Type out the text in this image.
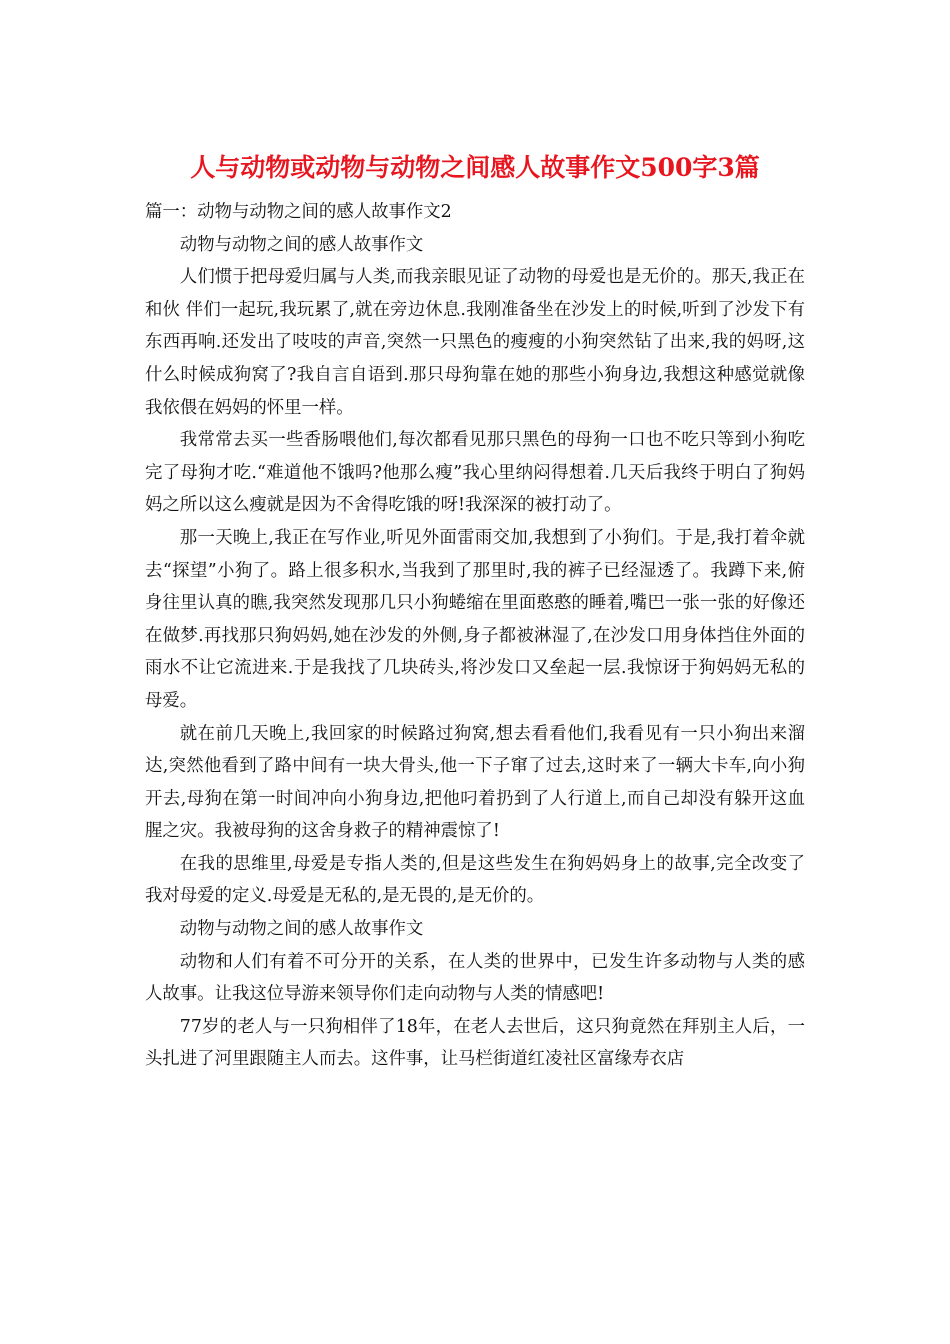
人与动物或动物与动物之间感人故事作文500字3篇

篇一：动物与动物之间的感人故事作文2

动物与动物之间的感人故事作文

人们惯于把母爱归属与人类,而我亲眼见证了动物的母爱也是无价的。那天,我正在和伙 伴们一起玩,我玩累了,就在旁边休息.我刚准备坐在沙发上的时候,听到了沙发下有东西再响.还发出了吱吱的声音,突然一只黑色的瘦瘦的小狗突然钻了出来,我的妈呀,这什么时候成狗窝了?我自言自语到.那只母狗靠在她的那些小狗身边,我想这种感觉就像我依偎在妈妈的怀里一样。

我常常去买一些香肠喂他们,每次都看见那只黑色的母狗一口也不吃只等到小狗吃完了母狗才吃.“难道他不饿吗?他那么瘦”我心里纳闷得想着.几天后我终于明白了狗妈妈之所以这么瘦就是因为不舍得吃饿的呀!我深深的被打动了。

那一天晚上,我正在写作业,听见外面雷雨交加,我想到了小狗们。于是,我打着伞就去“探望”小狗了。路上很多积水,当我到了那里时,我的裤子已经湿透了。我蹲下来,俯身往里认真的瞧,我突然发现那几只小狗蜷缩在里面憨憨的睡着,嘴巴一张一张的好像还在做梦.再找那只狗妈妈,她在沙发的外侧,身子都被淋湿了,在沙发口用身体挡住外面的雨水不让它流进来.于是我找了几块砖头,将沙发口又垒起一层.我惊讶于狗妈妈无私的母爱。

就在前几天晚上,我回家的时候路过狗窝,想去看看他们,我看见有一只小狗出来溜达,突然他看到了路中间有一块大骨头,他一下子窜了过去,这时来了一辆大卡车,向小狗开去,母狗在第一时间冲向小狗身边,把他叼着扔到了人行道上,而自己却没有躲开这血腥之灾。我被母狗的这舍身救子的精神震惊了!

在我的思维里,母爱是专指人类的,但是这些发生在狗妈妈身上的故事,完全改变了我对母爱的定义.母爱是无私的,是无畏的,是无价的。

动物与动物之间的感人故事作文

动物和人们有着不可分开的关系，在人类的世界中，已发生许多动物与人类的感人故事。让我这位导游来领导你们走向动物与人类的情感吧!

77岁的老人与一只狗相伴了18年，在老人去世后，这只狗竟然在拜别主人后，一头扎进了河里跟随主人而去。这件事，让马栏街道红凌社区富缘寿衣店
